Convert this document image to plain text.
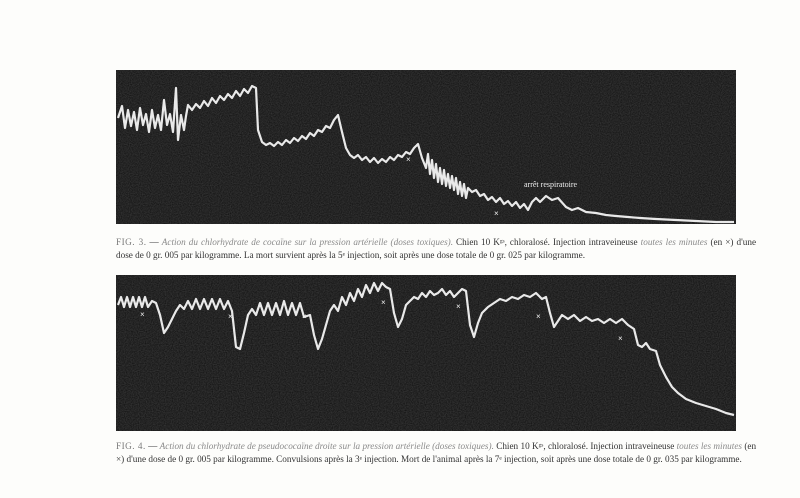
arrêt respiratoire
×
×
FIG. 3. — Action du chlorhydrate de cocaïne sur la pression artérielle (doses toxiques). Chien 10 Kᵍˢ, chloralosé. Injection intraveineuse toutes les minutes (en ×) d'une dose de 0 gr. 005 par kilogramme. La mort survient après la 5ᵉ injection, soit après une dose totale de 0 gr. 025 par kilogramme.
×	×	×
×	×
×
×
FIG. 4. — Action du chlorhydrate de pseudococaïne droite sur la pression artérielle (doses toxiques). Chien 10 Kᵍˢ, chloralosé. Injection intraveineuse toutes les minutes (en ×) d'une dose de 0 gr. 005 par kilogramme. Convulsions après la 3ᵉ injection. Mort de l'animal après la 7ᵉ injection, soit après une dose totale de 0 gr. 035 par kilogramme.
